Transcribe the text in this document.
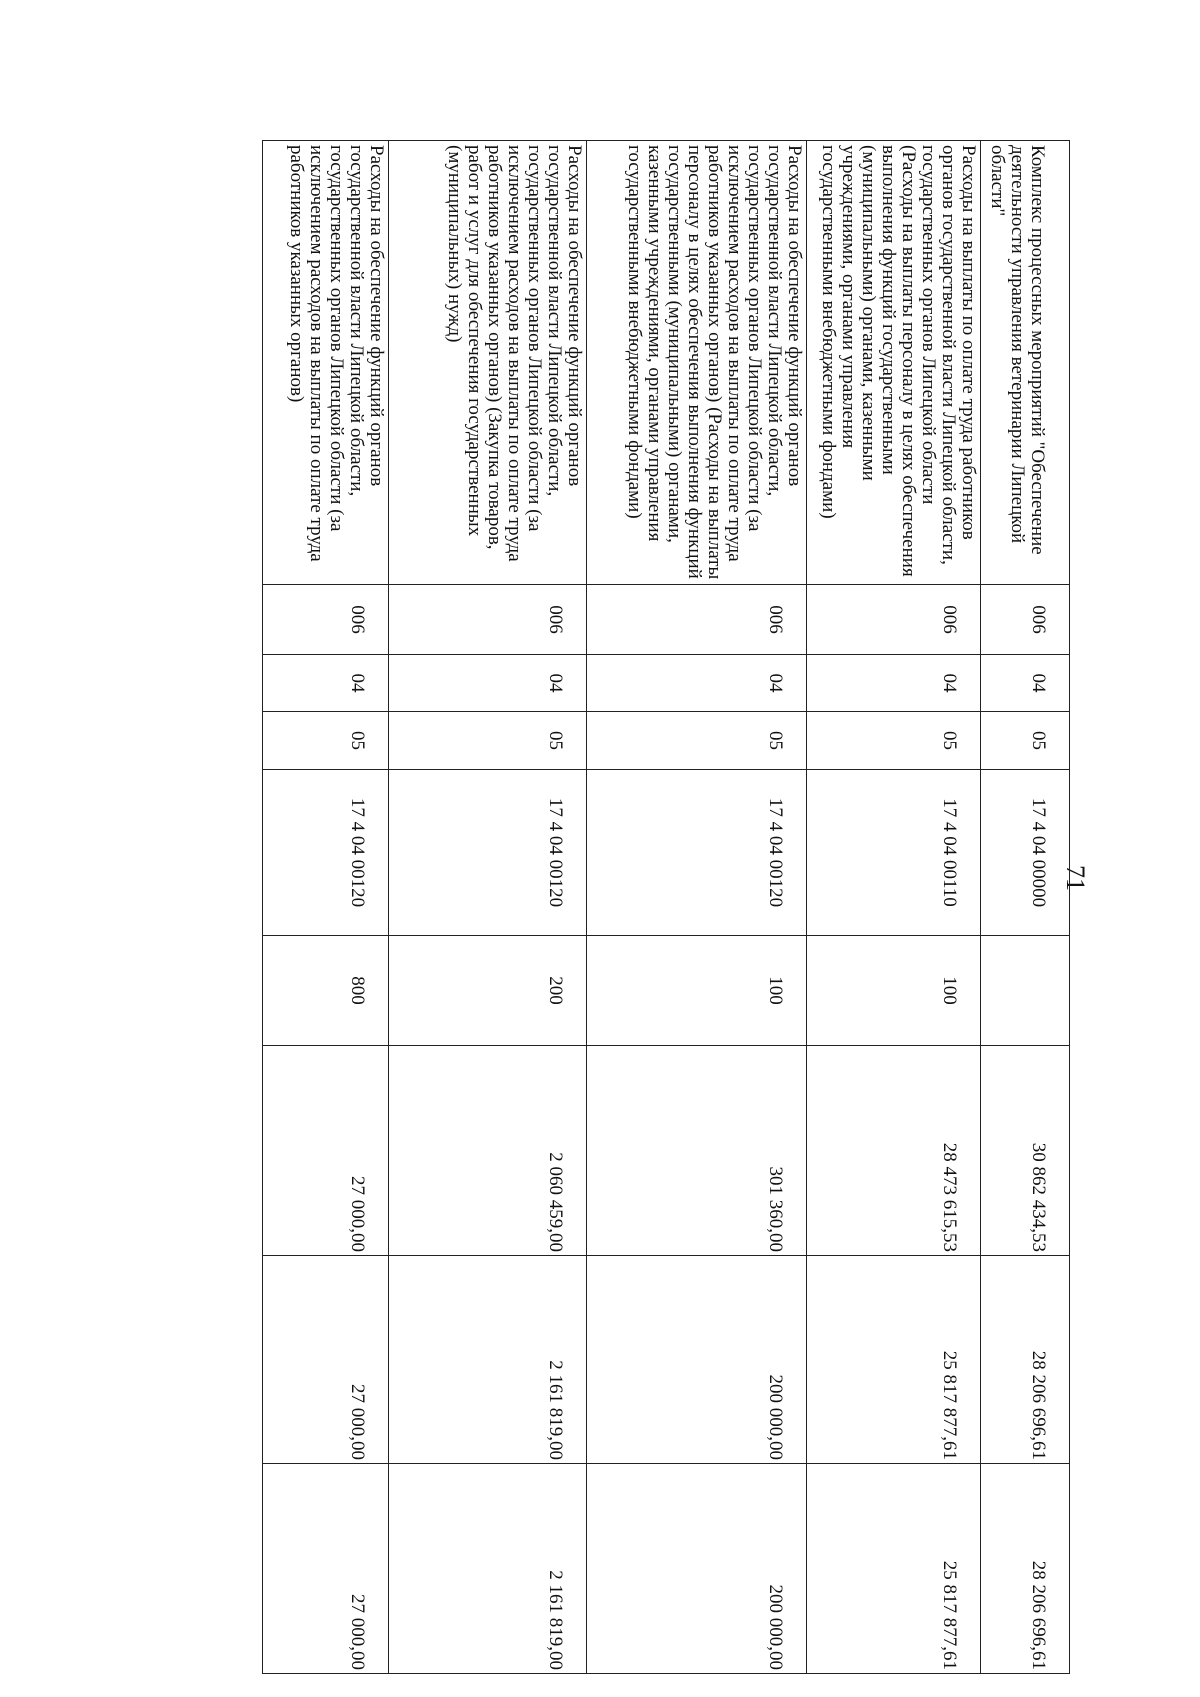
71
Комплекс процессных мероприятий "Обеспечение деятельности управления ветеринарии Липецкой области"	006	04	05	17 4 04 00000		30 862 434,53	28 206 696,61	28 206 696,61
Расходы на выплаты по оплате труда работников органов государственной власти Липецкой области, государственных органов Липецкой области (Расходы на выплаты персоналу в целях обеспечения выполнения функций государственными (муниципальными) органами, казенными учреждениями, органами управления государственными внебюджетными фондами)	006	04	05	17 4 04 00110	100	28 473 615,53	25 817 877,61	25 817 877,61
Расходы на обеспечение функций органов государственной власти Липецкой области, государственных органов Липецкой области (за исключением расходов на выплаты по оплате труда работников указанных органов) (Расходы на выплаты персоналу в целях обеспечения выполнения функций государственными (муниципальными) органами, казенными учреждениями, органами управления государственными внебюджетными фондами)	006	04	05	17 4 04 00120	100	301 360,00	200 000,00	200 000,00
Расходы на обеспечение функций органов государственной власти Липецкой области, государственных органов Липецкой области (за исключением расходов на выплаты по оплате труда работников указанных органов) (Закупка товаров, работ и услуг для обеспечения государственных (муниципальных) нужд)	006	04	05	17 4 04 00120	200	2 060 459,00	2 161 819,00	2 161 819,00
Расходы на обеспечение функций органов государственной власти Липецкой области, государственных органов Липецкой области (за исключением расходов на выплаты по оплате труда работников указанных органов)	006	04	05	17 4 04 00120	800	27 000,00	27 000,00	27 000,00
